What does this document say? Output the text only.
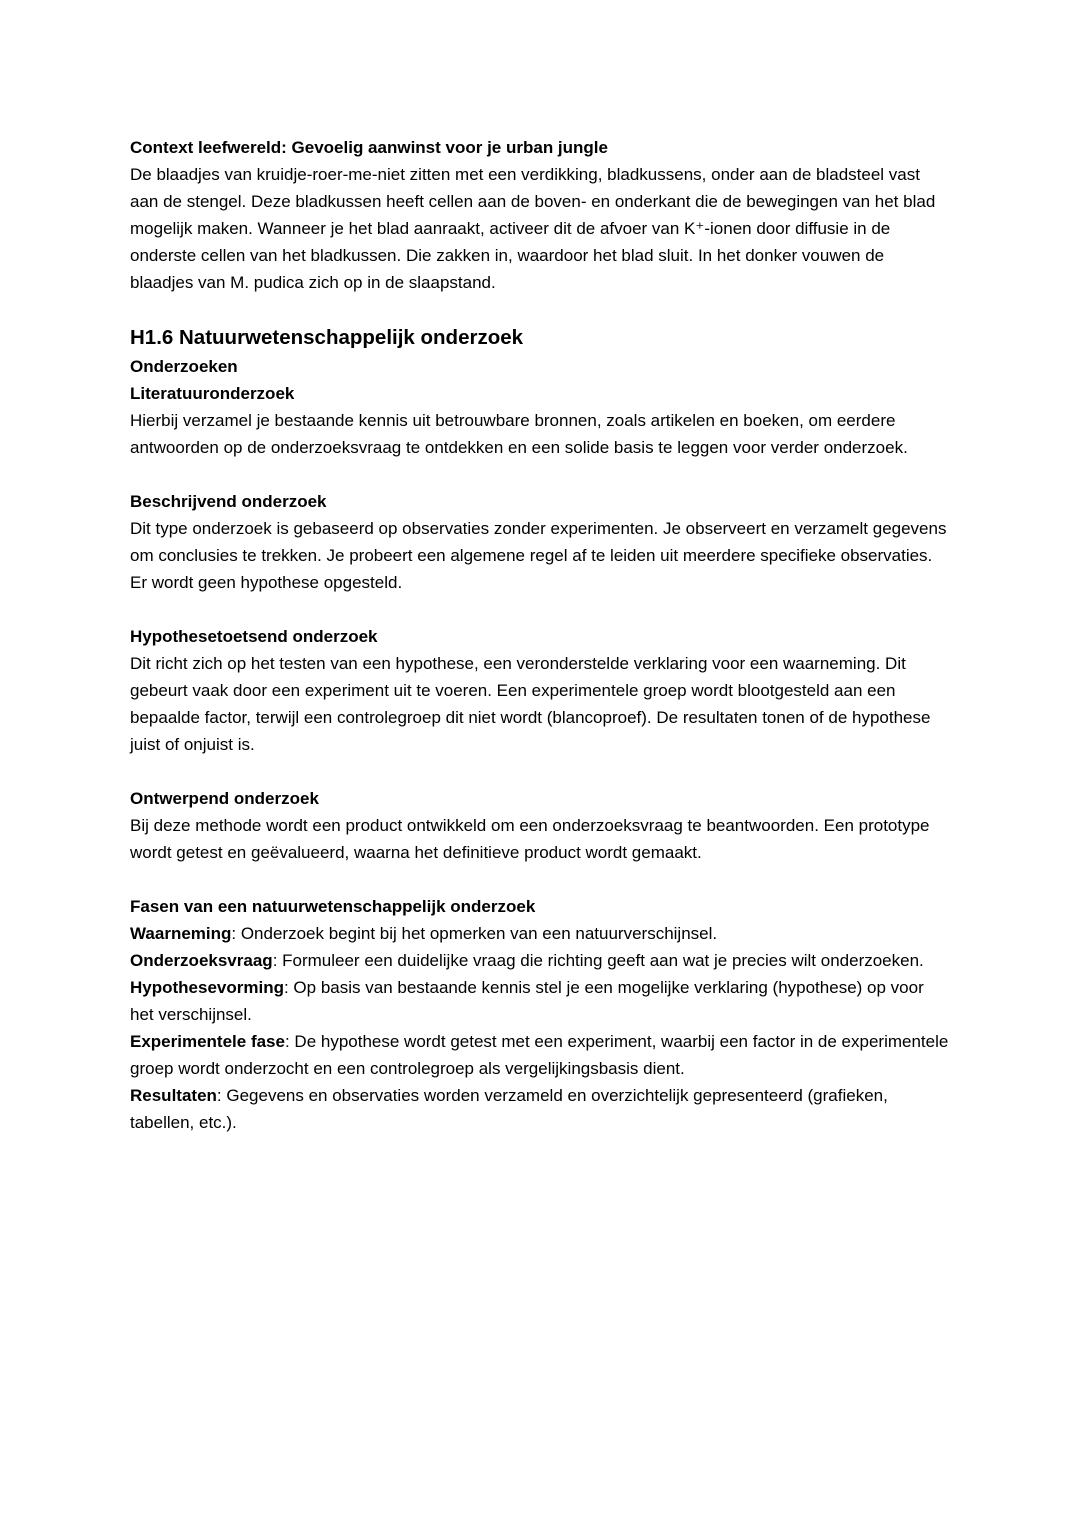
Context leefwereld: Gevoelig aanwinst voor je urban jungle

De blaadjes van kruidje-roer-me-niet zitten met een verdikking, bladkussens, onder aan de bladsteel vast aan de stengel. Deze bladkussen heeft cellen aan de boven- en onderkant die de bewegingen van het blad mogelijk maken. Wanneer je het blad aanraakt, activeer dit de afvoer van K⁺-ionen door diffusie in de onderste cellen van het bladkussen. Die zakken in, waardoor het blad sluit. In het donker vouwen de blaadjes van M. pudica zich op in de slaapstand.

H1.6 Natuurwetenschappelijk onderzoek

Onderzoeken

Literatuuronderzoek

Hierbij verzamel je bestaande kennis uit betrouwbare bronnen, zoals artikelen en boeken, om eerdere antwoorden op de onderzoeksvraag te ontdekken en een solide basis te leggen voor verder onderzoek.

Beschrijvend onderzoek

Dit type onderzoek is gebaseerd op observaties zonder experimenten. Je observeert en verzamelt gegevens om conclusies te trekken. Je probeert een algemene regel af te leiden uit meerdere specifieke observaties. Er wordt geen hypothese opgesteld.

Hypothesetoetsend onderzoek

Dit richt zich op het testen van een hypothese, een veronderstelde verklaring voor een waarneming. Dit gebeurt vaak door een experiment uit te voeren. Een experimentele groep wordt blootgesteld aan een bepaalde factor, terwijl een controlegroep dit niet wordt (blancoproef). De resultaten tonen of de hypothese juist of onjuist is.

Ontwerpend onderzoek

Bij deze methode wordt een product ontwikkeld om een onderzoeksvraag te beantwoorden. Een prototype wordt getest en geëvalueerd, waarna het definitieve product wordt gemaakt.

Fasen van een natuurwetenschappelijk onderzoek

Waarneming: Onderzoek begint bij het opmerken van een natuurverschijnsel.

Onderzoeksvraag: Formuleer een duidelijke vraag die richting geeft aan wat je precies wilt onderzoeken.

Hypothesevorming: Op basis van bestaande kennis stel je een mogelijke verklaring (hypothese) op voor het verschijnsel.

Experimentele fase: De hypothese wordt getest met een experiment, waarbij een factor in de experimentele groep wordt onderzocht en een controlegroep als vergelijkingsbasis dient.

Resultaten: Gegevens en observaties worden verzameld en overzichtelijk gepresenteerd (grafieken, tabellen, etc.).
